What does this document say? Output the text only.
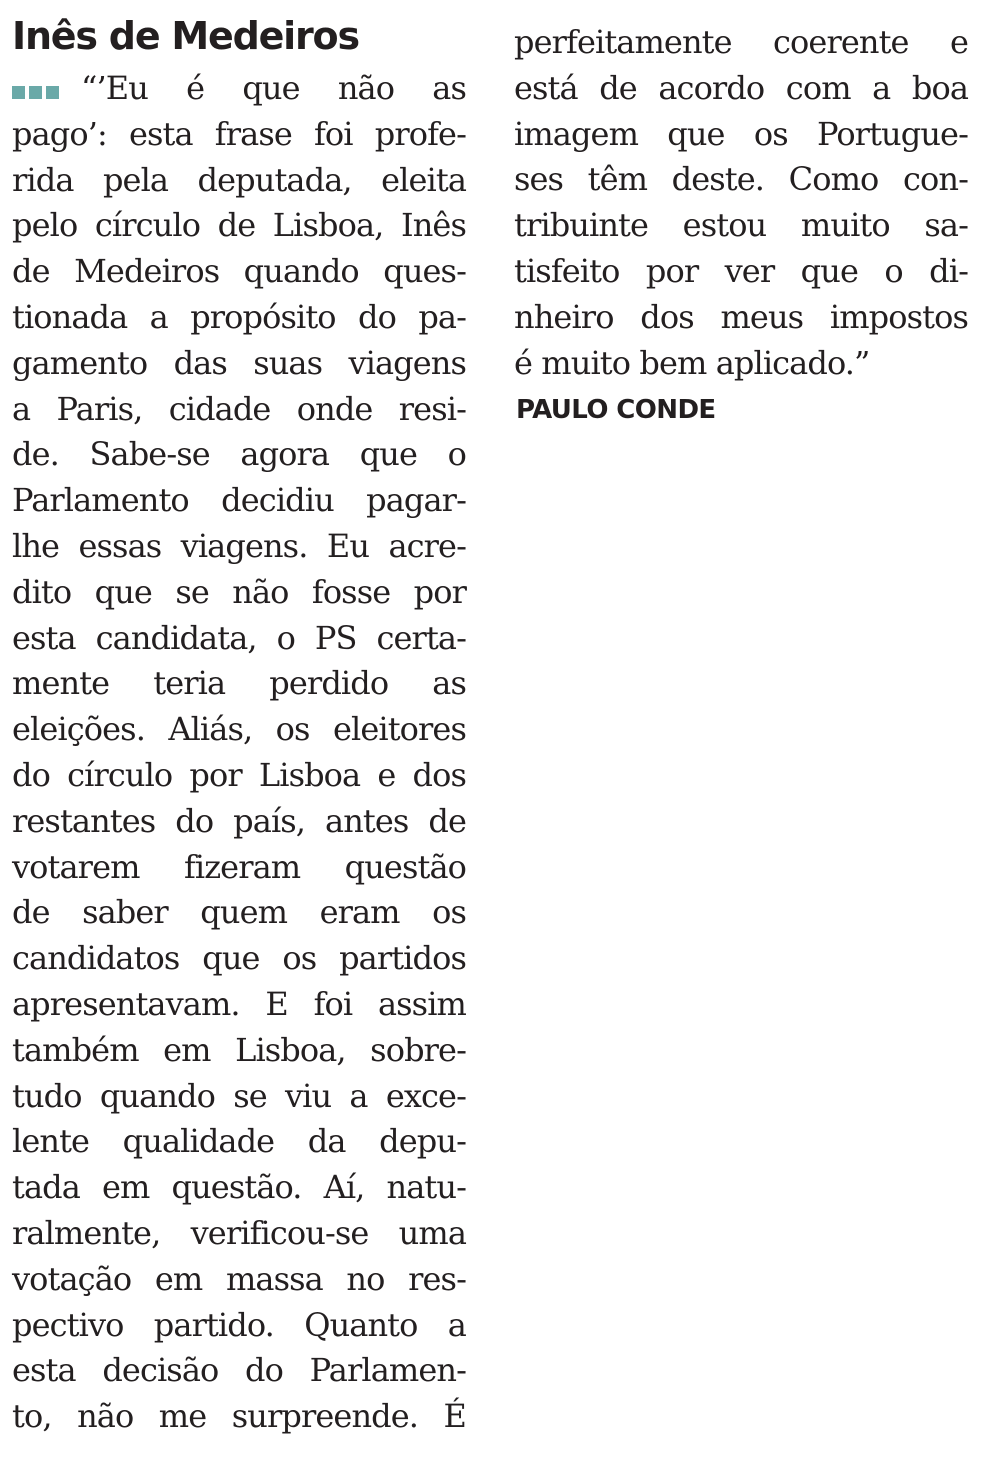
Inês de Medeiros
“’Eu é que não as
pago’: esta frase foi profe-
rida pela deputada, eleita
pelo círculo de Lisboa, Inês
de Medeiros quando ques-
tionada a propósito do pa-
gamento das suas viagens
a Paris, cidade onde resi-
de. Sabe-se agora que o
Parlamento decidiu pagar-
lhe essas viagens. Eu acre-
dito que se não fosse por
esta candidata, o PS certa-
mente teria perdido as
eleições. Aliás, os eleitores
do círculo por Lisboa e dos
restantes do país, antes de
votarem fizeram questão
de saber quem eram os
candidatos que os partidos
apresentavam. E foi assim
também em Lisboa, sobre-
tudo quando se viu a exce-
lente qualidade da depu-
tada em questão. Aí, natu-
ralmente, verificou-se uma
votação em massa no res-
pectivo partido. Quanto a
esta decisão do Parlamen-
to, não me surpreende. É
perfeitamente coerente e
está de acordo com a boa
imagem que os Portugue-
ses têm deste. Como con-
tribuinte estou muito sa-
tisfeito por ver que o di-
nheiro dos meus impostos
é muito bem aplicado.”

PAULO CONDE
